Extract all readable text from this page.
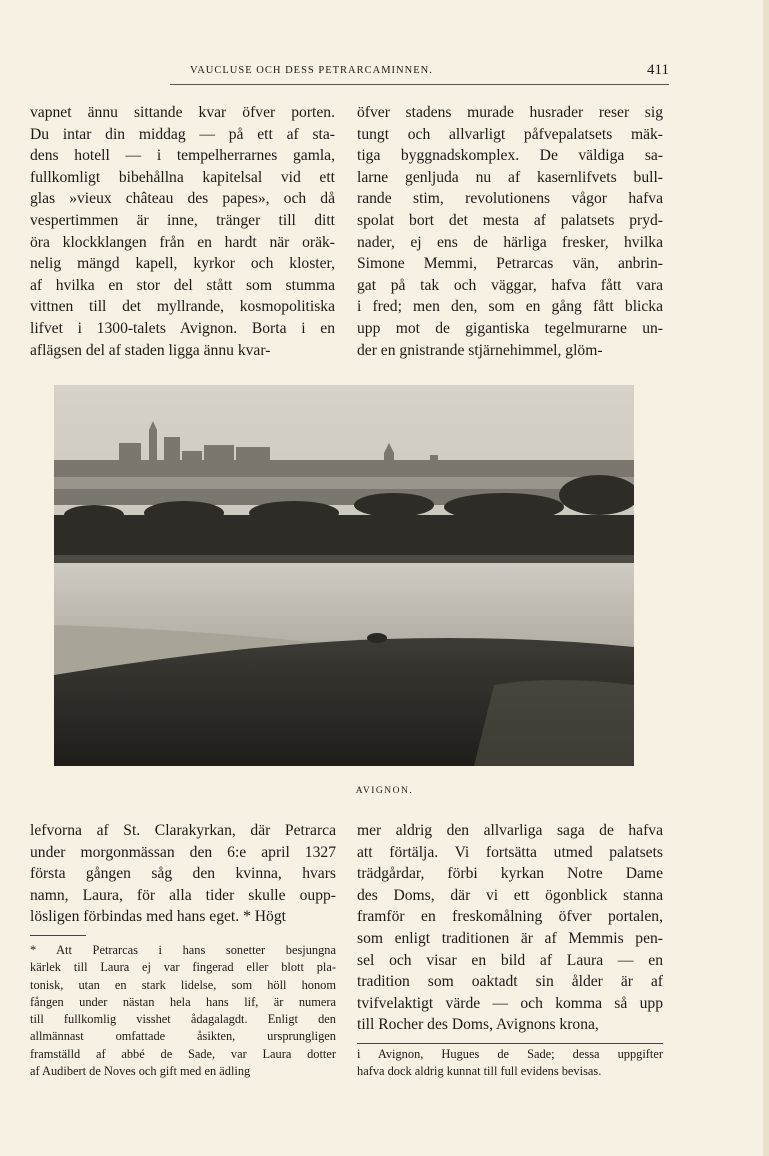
VAUCLUSE OCH DESS PETRARCAMINNEN.	411
vapnet ännu sittande kvar öfver porten.
Du intar din middag — på ett af sta-
dens hotell — i tempelherrarnes gamla,
fullkomligt bibehållna kapitelsal vid ett
glas »vieux château des papes», och då
vespertimmen är inne, tränger till ditt
öra klockklangen från en hardt när oräk-
nelig mängd kapell, kyrkor och kloster,
af hvilka en stor del stått som stumma
vittnen till det myllrande, kosmopolitiska
lifvet i 1300-talets Avignon. Borta i en
aflägsen del af staden ligga ännu kvar-
öfver stadens murade husrader reser sig
tungt och allvarligt påfvepalatsets mäk-
tiga byggnadskomplex. De väldiga sa-
larne genljuda nu af kasernlifvets bull-
rande stim, revolutionens vågor hafva
spolat bort det mesta af palatsets pryd-
nader, ej ens de härliga fresker, hvilka
Simone Memmi, Petrarcas vän, anbrin-
gat på tak och väggar, hafva fått vara
i fred; men den, som en gång fått blicka
upp mot de gigantiska tegelmurarne un-
der en gnistrande stjärnehimmel, glöm-
AVIGNON.
lefvorna af St. Clarakyrkan, där Petrarca
under morgonmässan den 6:e april 1327
första gången såg den kvinna, hvars
namn, Laura, för alla tider skulle oupp-
lösligen förbindas med hans eget. * Högt
mer aldrig den allvarliga saga de hafva
att förtälja. Vi fortsätta utmed palatsets
trädgårdar, förbi kyrkan Notre Dame
des Doms, där vi ett ögonblick stanna
framför en freskomålning öfver portalen,
som enligt traditionen är af Memmis pen-
sel och visar en bild af Laura — en
tradition som oaktadt sin ålder är af
tvifvelaktigt värde — och komma så upp
till Rocher des Doms, Avignons krona,
* Att Petrarcas i hans sonetter besjungna
kärlek till Laura ej var fingerad eller blott pla-
tonisk, utan en stark lidelse, som höll honom
fången under nästan hela hans lif, är numera
till fullkomlig visshet ådagalagdt. Enligt den
allmännast omfattade åsikten, ursprungligen
framställd af abbé de Sade, var Laura dotter
af Audibert de Noves och gift med en ädling
i Avignon, Hugues de Sade; dessa uppgifter
hafva dock aldrig kunnat till full evidens bevisas.
